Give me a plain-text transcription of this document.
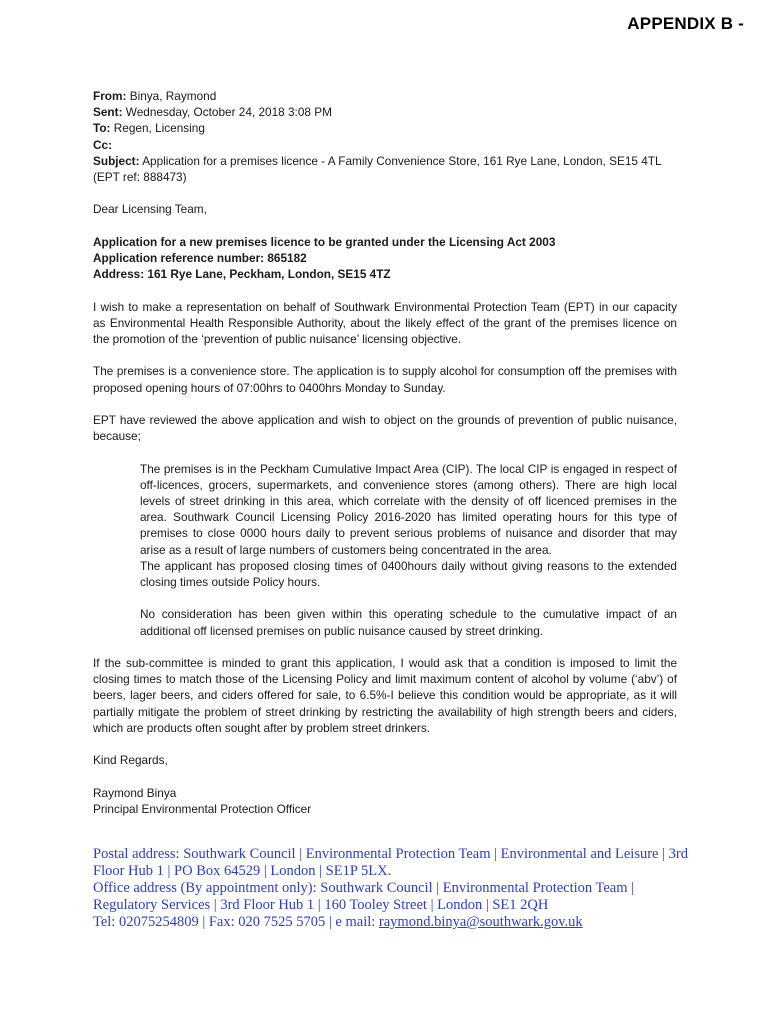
APPENDIX B -
From: Binya, Raymond
Sent: Wednesday, October 24, 2018 3:08 PM
To: Regen, Licensing
Cc:
Subject: Application for a premises licence - A Family Convenience Store, 161 Rye Lane, London, SE15 4TL (EPT ref: 888473)

Dear Licensing Team,

Application for a new premises licence to be granted under the Licensing Act 2003
Application reference number: 865182
Address: 161 Rye Lane, Peckham, London, SE15 4TZ

I wish to make a representation on behalf of Southwark Environmental Protection Team (EPT) in our capacity as Environmental Health Responsible Authority, about the likely effect of the grant of the premises licence on the promotion of the ‘prevention of public nuisance’ licensing objective.

The premises is a convenience store. The application is to supply alcohol for consumption off the premises with proposed opening hours of 07:00hrs to 0400hrs Monday to Sunday.

EPT have reviewed the above application and wish to object on the grounds of prevention of public nuisance, because;

The premises is in the Peckham Cumulative Impact Area (CIP). The local CIP is engaged in respect of off-licences, grocers, supermarkets, and convenience stores (among others). There are high local levels of street drinking in this area, which correlate with the density of off licenced premises in the area. Southwark Council Licensing Policy 2016-2020 has limited operating hours for this type of premises to close 0000 hours daily to prevent serious problems of nuisance and disorder that may arise as a result of large numbers of customers being concentrated in the area.

The applicant has proposed closing times of 0400hours daily without giving reasons to the extended closing times outside Policy hours.

No consideration has been given within this operating schedule to the cumulative impact of an additional off licensed premises on public nuisance caused by street drinking.

If the sub-committee is minded to grant this application, I would ask that a condition is imposed to limit the closing times to match those of the Licensing Policy and limit maximum content of alcohol by volume (‘abv’) of beers, lager beers, and ciders offered for sale, to 6.5%-I believe this condition would be appropriate, as it will partially mitigate the problem of street drinking by restricting the availability of high strength beers and ciders, which are products often sought after by problem street drinkers.

Kind Regards,

Raymond Binya
Principal Environmental Protection Officer
Postal address: Southwark Council | Environmental Protection Team | Environmental and Leisure | 3rd Floor Hub 1 | PO Box 64529 | London | SE1P 5LX.
Office address (By appointment only): Southwark Council | Environmental Protection Team | Regulatory Services | 3rd Floor Hub 1 | 160 Tooley Street | London | SE1 2QH
Tel: 02075254809 | Fax: 020 7525 5705 | e mail: raymond.binya@southwark.gov.uk
